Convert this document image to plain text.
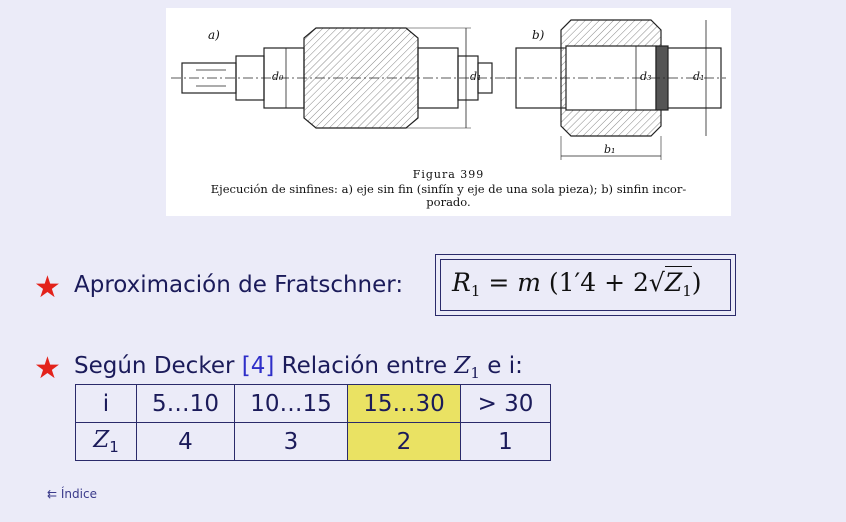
a)	b)
d₀	d₁	d₃	d₁
b₁
Figura 399
Ejecución de sinfines: a) eje sin fin (sinfín y eje de una sola pieza); b) sinfin incor-
porado.
★ Aproximación de Fratschner: $R_1 = m$ $(1'4 + 2√Z_1)$
★ Según Decker [4] Relación entre $Z_1$ e i:
i	5…10	10…15	15…30	> 30
$Z_1$	4	3	2	1
⇇ Índice
